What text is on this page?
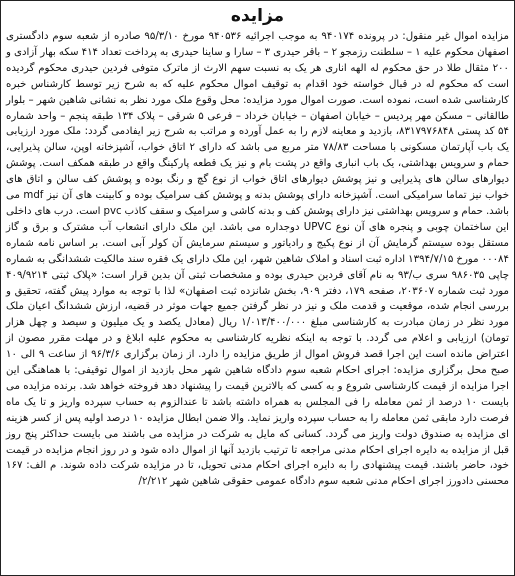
مزایده

مزایده اموال غیر منقول: در پرونده ۹۴۰۱۷۴ به موجب اجرائیه ۹۴۰۵۳۶ مورخ ۹۵/۳/۱۰ صادره از شعبه سوم دادگستری اصفهان محکوم علیه ۱ – سلطنت رزمجو ۲ – باقر حیدری ۳ – سارا و ساینا حیدری به پرداخت تعداد ۴۱۴ سکه بهار آزادی و ۲۰۰ مثقال طلا در حق محکوم له الهه اناری هر یک به نسبت سهم الارث از ماترک متوفی فردین حیدری محکوم گردیده است که محکوم له در قبال خواسته خود اقدام به توقیف اموال محکوم علیه که به شرح زیر توسط کارشناس خبره کارشناسی شده است، نموده است. صورت اموال مورد مزایده: محل وقوع ملک مورد نظر به نشانی شاهین شهر – بلوار طالقانی – مسکن مهر پردیس – خیابان اصفهان – خیابان خرداد – فرعی ۵ شرقی – پلاک ۱۳۴ طبقه پنجم – واحد شماره ۵۴ کد پستی ۸۳۱۷۹۷۶۸۴۸، بازدید و معاینه لازم را به عمل آورده و مراتب به شرح زیر ایفادمی گردد: ملک مورد ارزیابی یک باب آپارتمان مسکونی با مساحت ۷۸/۸۳ متر مربع می باشد که دارای ۲ اتاق خواب، آشپزخانه اوپن، سالن پذیرایی، حمام و سرویس بهداشتی، یک باب انباری واقع در پشت بام و نیز یک قطعه پارکینگ واقع در طبقه همکف است. پوشش دیوارهای سالن های پذیرایی و نیز پوشش دیوارهای اتاق خواب از نوع گچ و رنگ بوده و پوشش کف سالن و اتاق های خواب نیز تماما سرامیکی است. آشپزخانه دارای پوشش بدنه و پوشش کف سرامیک بوده و کابینت های آن نیز mdf می باشد. حمام و سرویس بهداشتی نیز دارای پوشش کف و بدنه کاشی و سرامیک و سقف کاذب pvc است. درب های داخلی این ساختمان چوبی و پنجره های آن نوع UPVC دوجداره می باشد. این ملک دارای انشعاب آب مشترک و برق و گاز مستقل بوده سیستم گرمایش آن از نوع پکیج و رادیاتور و سیستم سرمایش آن کولر آبی است. بر اساس نامه شماره ۰۰۰۸۴ مورخ ۱۳۹۴/۷/۱۵ اداره ثبت اسناد و املاک شاهین شهر، این ملک دارای یک فقره سند مالکیت ششدانگی به شماره چاپی ۹۸۶۰۳۵ سری ب/۹۳ به نام آقای فردین حیدری بوده و مشخصات ثبتی آن بدین قرار است: «پلاک ثبتی ۴۰۹/۹۲۱۴ مورد ثبت شماره ۲۰۳۶۰۷، صفحه ۱۷۹، دفتر ۹۰۹، بخش شانزده ثبت اصفهان» لذا با توجه به موارد پیش گفته، تحقیق و بررسی انجام شده، موقعیت و قدمت ملک و نیز در نظر گرفتن جمیع جهات موثر در قضیه، ارزش ششدانگ اعیان ملک مورد نظر در زمان مبادرت به کارشناسی مبلغ ۱/۰۱۳/۴۰۰/۰۰۰ ریال (معادل یکصد و یک میلیون و سیصد و چهل هزار تومان) ارزیابی و اعلام می گردد. با توجه به اینکه نظریه کارشناسی به محکوم علیه ابلاغ و در مهلت مقرر مصون از اعتراض مانده است این اجرا قصد فروش اموال از طریق مزایده را دارد. از زمان برگزاری ۹۶/۳/۶ از ساعت ۹ الی ۱۰ صبح محل برگزاری مزایده: اجرای احکام شعبه سوم دادگاه شاهین شهر محل بازدید از اموال توقیفی: با هماهنگی این اجرا مزایده از قیمت کارشناسی شروع و به کسی که بالاترین قیمت را پیشنهاد دهد فروخته خواهد شد. برنده مزایده می بایست ۱۰ درصد از ثمن معامله را فی المجلس به همراه داشته باشد تا عندالزوم به حساب سپرده واریز و تا یک ماه فرصت دارد مابقی ثمن معامله را به حساب سپرده واریز نماید. والا ضمن ابطال مزایده ۱۰ درصد اولیه پس از کسر هزینه ای مزایده به صندوق دولت واریز می گردد. کسانی که مایل به شرکت در مزایده می باشند می بایست حداکثر پنج روز قبل از مزایده به دایره اجرای احکام مدنی مراجعه تا ترتیب بازدید آنها از اموال داده شود و در روز انجام مزایده در قیمت خود، حاضر باشند. قیمت پیشنهادی را به دایره اجرای احکام مدنی تحویل، تا در مزایده شرکت داده شوند. م الف: ۱۶۷ محسنی دادورز اجرای احکام مدنی شعبه سوم دادگاه عمومی حقوقی شاهین شهر ۲/۲۱۲/
